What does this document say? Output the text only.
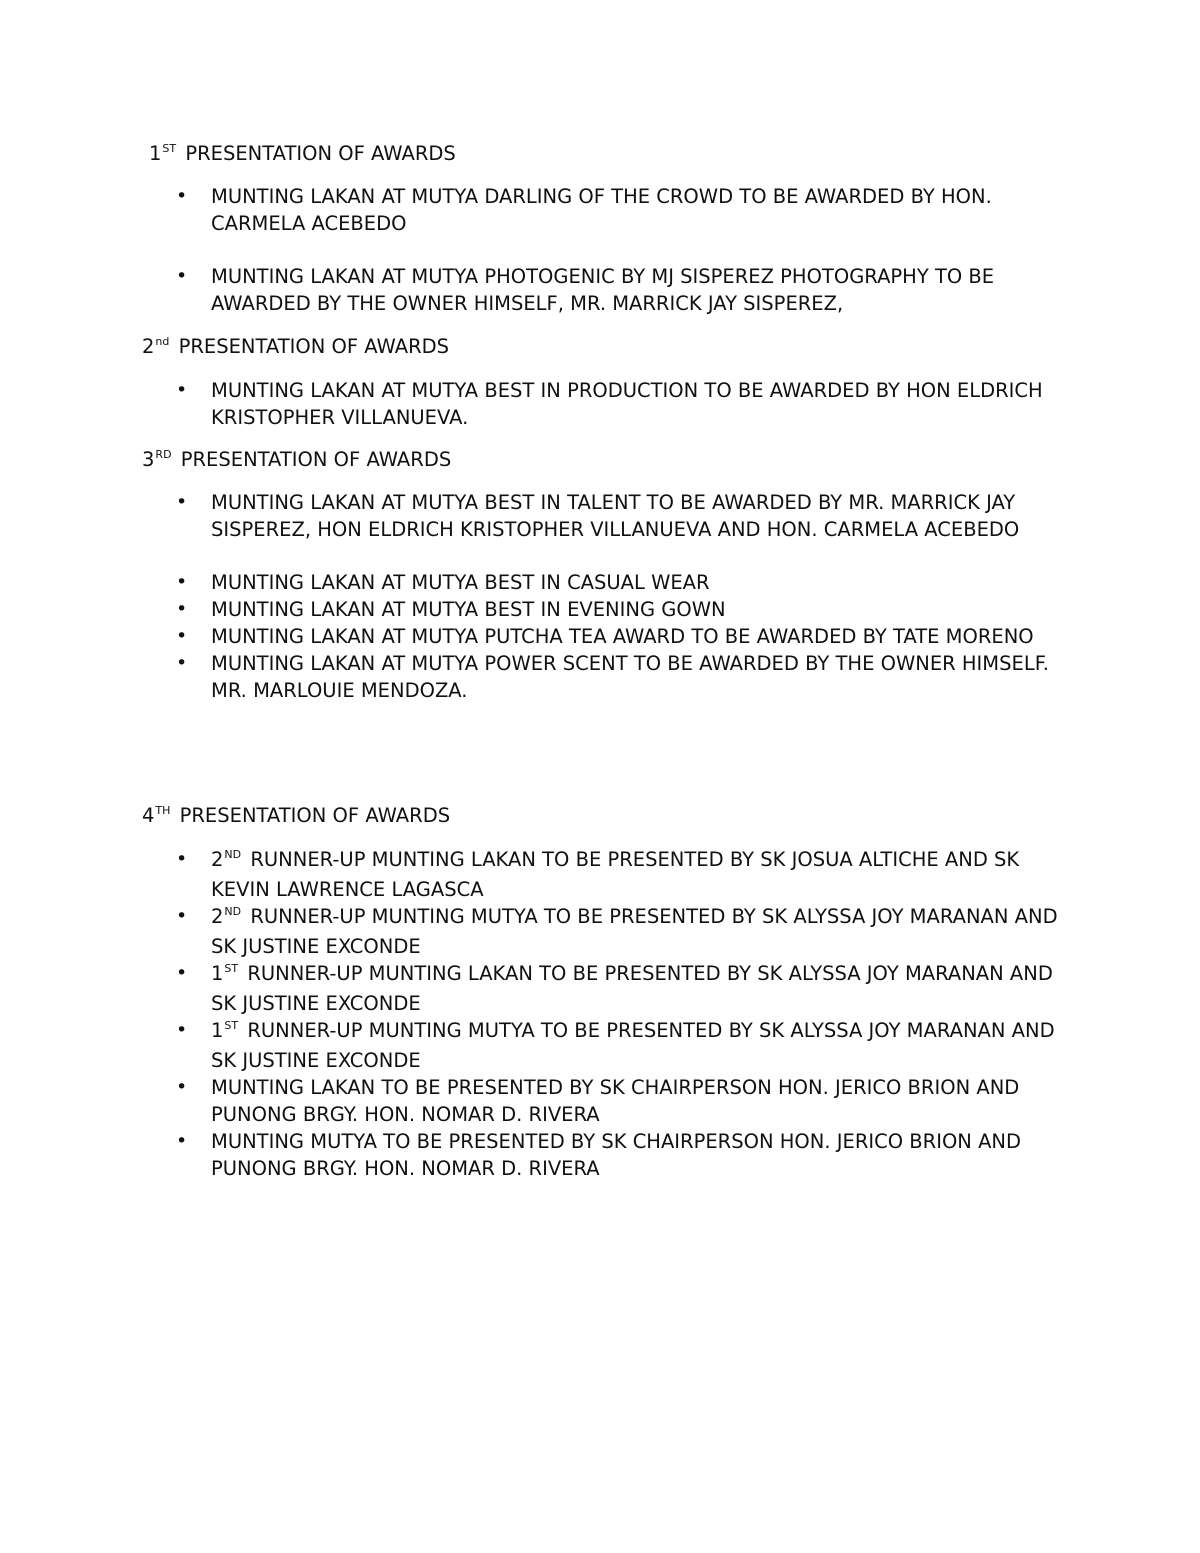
1ST PRESENTATION OF AWARDS
• MUNTING LAKAN AT MUTYA DARLING OF THE CROWD TO BE AWARDED BY HON. CARMELA ACEBEDO
• MUNTING LAKAN AT MUTYA PHOTOGENIC BY MJ SISPEREZ PHOTOGRAPHY TO BE AWARDED BY THE OWNER HIMSELF, MR. MARRICK JAY SISPEREZ,
2nd PRESENTATION OF AWARDS
• MUNTING LAKAN AT MUTYA BEST IN PRODUCTION TO BE AWARDED BY HON ELDRICH KRISTOPHER VILLANUEVA.
3RD PRESENTATION OF AWARDS
• MUNTING LAKAN AT MUTYA BEST IN TALENT TO BE AWARDED BY MR. MARRICK JAY SISPEREZ, HON ELDRICH KRISTOPHER VILLANUEVA AND HON. CARMELA ACEBEDO
• MUNTING LAKAN AT MUTYA BEST IN CASUAL WEAR
• MUNTING LAKAN AT MUTYA BEST IN EVENING GOWN
• MUNTING LAKAN AT MUTYA PUTCHA TEA AWARD TO BE AWARDED BY TATE MORENO
• MUNTING LAKAN AT MUTYA POWER SCENT TO BE AWARDED BY THE OWNER HIMSELF. MR. MARLOUIE MENDOZA.
4TH PRESENTATION OF AWARDS
• 2ND RUNNER-UP MUNTING LAKAN TO BE PRESENTED BY SK JOSUA ALTICHE AND SK KEVIN LAWRENCE LAGASCA
• 2ND RUNNER-UP MUNTING MUTYA TO BE PRESENTED BY SK ALYSSA JOY MARANAN AND SK JUSTINE EXCONDE
• 1ST RUNNER-UP MUNTING LAKAN TO BE PRESENTED BY SK ALYSSA JOY MARANAN AND SK JUSTINE EXCONDE
• 1ST RUNNER-UP MUNTING MUTYA TO BE PRESENTED BY SK ALYSSA JOY MARANAN AND SK JUSTINE EXCONDE
• MUNTING LAKAN TO BE PRESENTED BY SK CHAIRPERSON HON. JERICO BRION AND PUNONG BRGY. HON. NOMAR D. RIVERA
• MUNTING MUTYA TO BE PRESENTED BY SK CHAIRPERSON HON. JERICO BRION AND PUNONG BRGY. HON. NOMAR D. RIVERA
